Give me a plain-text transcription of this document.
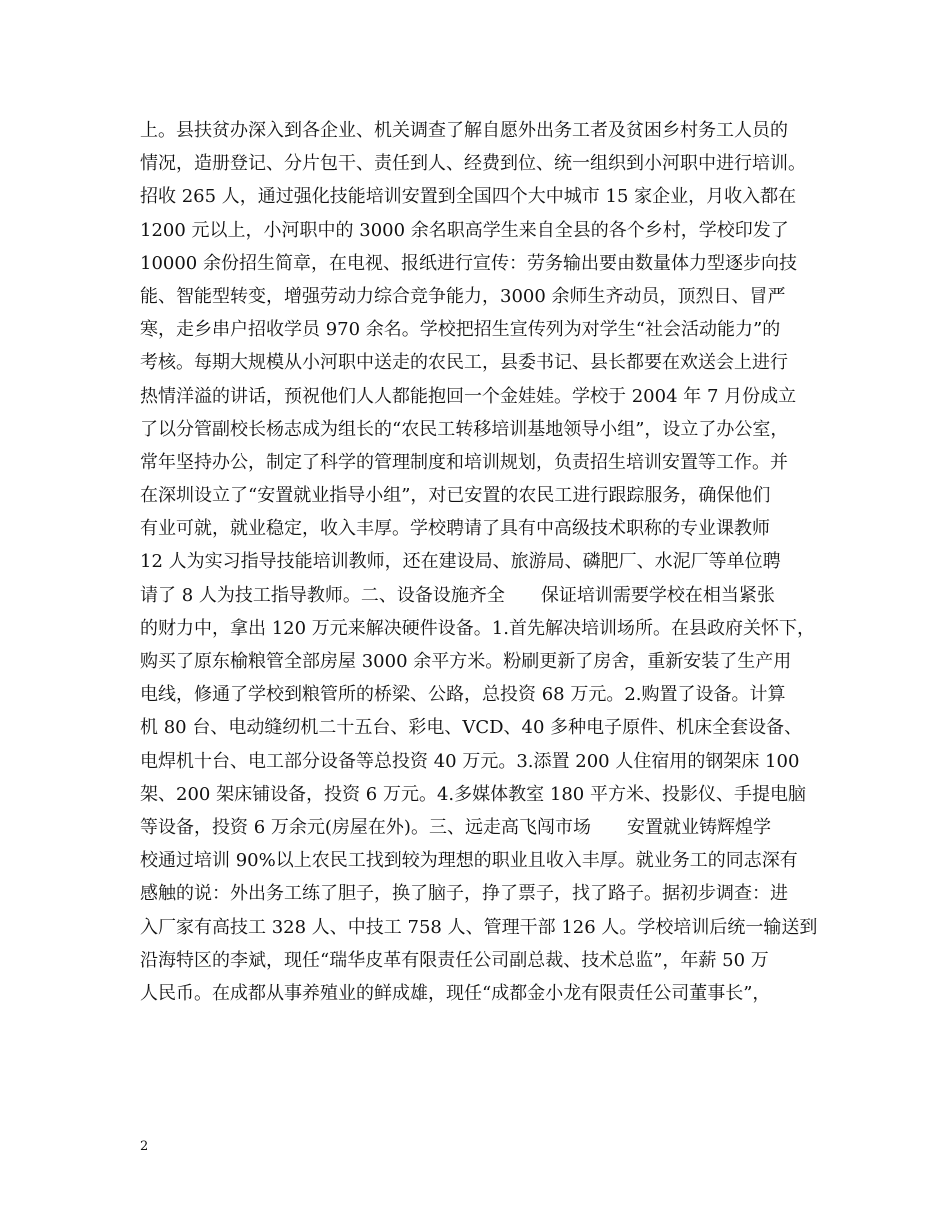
上。县扶贫办深入到各企业、机关调查了解自愿外出务工者及贫困乡村务工人员的
情况，造册登记、分片包干、责任到人、经费到位、统一组织到小河职中进行培训。
招收 265 人，通过强化技能培训安置到全国四个大中城市 15 家企业，月收入都在
1200 元以上，小河职中的 3000 余名职高学生来自全县的各个乡村，学校印发了
10000 余份招生简章，在电视、报纸进行宣传：劳务输出要由数量体力型逐步向技
能、智能型转变，增强劳动力综合竞争能力，3000 余师生齐动员，顶烈日、冒严
寒，走乡串户招收学员 970 余名。学校把招生宣传列为对学生“社会活动能力”的
考核。每期大规模从小河职中送走的农民工，县委书记、县长都要在欢送会上进行
热情洋溢的讲话，预祝他们人人都能抱回一个金娃娃。学校于 2004 年 7 月份成立
了以分管副校长杨志成为组长的“农民工转移培训基地领导小组”，设立了办公室，
常年坚持办公，制定了科学的管理制度和培训规划，负责招生培训安置等工作。并
在深圳设立了“安置就业指导小组”，对已安置的农民工进行跟踪服务，确保他们
有业可就，就业稳定，收入丰厚。学校聘请了具有中高级技术职称的专业课教师
12 人为实习指导技能培训教师，还在建设局、旅游局、磷肥厂、水泥厂等单位聘
请了 8 人为技工指导教师。二、设备设施齐全 保证培训需要学校在相当紧张
的财力中，拿出 120 万元来解决硬件设备。1.首先解决培训场所。在县政府关怀下，
购买了原东榆粮管全部房屋 3000 余平方米。粉刷更新了房舍，重新安装了生产用
电线，修通了学校到粮管所的桥梁、公路，总投资 68 万元。2.购置了设备。计算
机 80 台、电动缝纫机二十五台、彩电、VCD、40 多种电子原件、机床全套设备、
电焊机十台、电工部分设备等总投资 40 万元。3.添置 200 人住宿用的钢架床 100
架、200 架床铺设备，投资 6 万元。4.多媒体教室 180 平方米、投影仪、手提电脑
等设备，投资 6 万余元(房屋在外)。三、远走高飞闯市场 安置就业铸辉煌学
校通过培训 90%以上农民工找到较为理想的职业且收入丰厚。就业务工的同志深有
感触的说：外出务工练了胆子，换了脑子，挣了票子，找了路子。据初步调查：进
入厂家有高技工 328 人、中技工 758 人、管理干部 126 人。学校培训后统一输送到
沿海特区的李斌，现任“瑞华皮革有限责任公司副总裁、技术总监”，年薪 50 万
人民币。在成都从事养殖业的鲜成雄，现任“成都金小龙有限责任公司董事长”，
2
